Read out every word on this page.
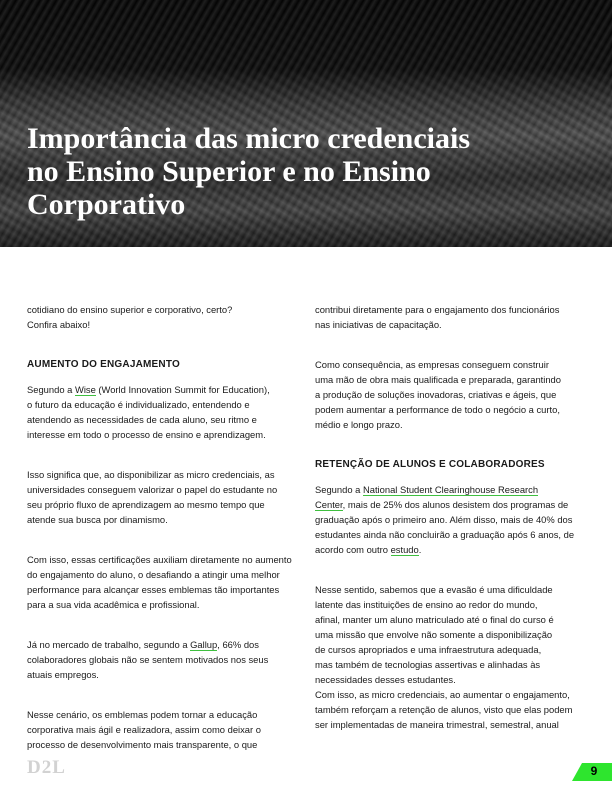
Importância das micro credenciais
no Ensino Superior e no Ensino
Corporativo

cotidiano do ensino superior e corporativo, certo?
Confira abaixo!

AUMENTO DO ENGAJAMENTO

Segundo a Wise (World Innovation Summit for Education),
o futuro da educação é individualizado, entendendo e
atendendo as necessidades de cada aluno, seu ritmo e
interesse em todo o processo de ensino e aprendizagem.

Isso significa que, ao disponibilizar as micro credenciais, as
universidades conseguem valorizar o papel do estudante no
seu próprio fluxo de aprendizagem ao mesmo tempo que
atende sua busca por dinamismo.

Com isso, essas certificações auxiliam diretamente no aumento
do engajamento do aluno, o desafiando a atingir uma melhor
performance para alcançar esses emblemas tão importantes
para a sua vida acadêmica e profissional.

Já no mercado de trabalho, segundo a Gallup, 66% dos
colaboradores globais não se sentem motivados nos seus
atuais empregos.

Nesse cenário, os emblemas podem tornar a educação
corporativa mais ágil e realizadora, assim como deixar o
processo de desenvolvimento mais transparente, o que

contribui diretamente para o engajamento dos funcionários
nas iniciativas de capacitação.

Como consequência, as empresas conseguem construir
uma mão de obra mais qualificada e preparada, garantindo
a produção de soluções inovadoras, criativas e ágeis, que
podem aumentar a performance de todo o negócio a curto,
médio e longo prazo.

RETENÇÃO DE ALUNOS E COLABORADORES

Segundo a National Student Clearinghouse Research
Center, mais de 25% dos alunos desistem dos programas de
graduação após o primeiro ano. Além disso, mais de 40% dos
estudantes ainda não concluirão a graduação após 6 anos, de
acordo com outro estudo.

Nesse sentido, sabemos que a evasão é uma dificuldade
latente das instituições de ensino ao redor do mundo,
afinal, manter um aluno matriculado até o final do curso é
uma missão que envolve não somente a disponibilização
de cursos apropriados e uma infraestrutura adequada,
mas também de tecnologias assertivas e alinhadas às
necessidades desses estudantes.
Com isso, as micro credenciais, ao aumentar o engajamento,
também reforçam a retenção de alunos, visto que elas podem
ser implementadas de maneira trimestral, semestral, anual

D2L	9
